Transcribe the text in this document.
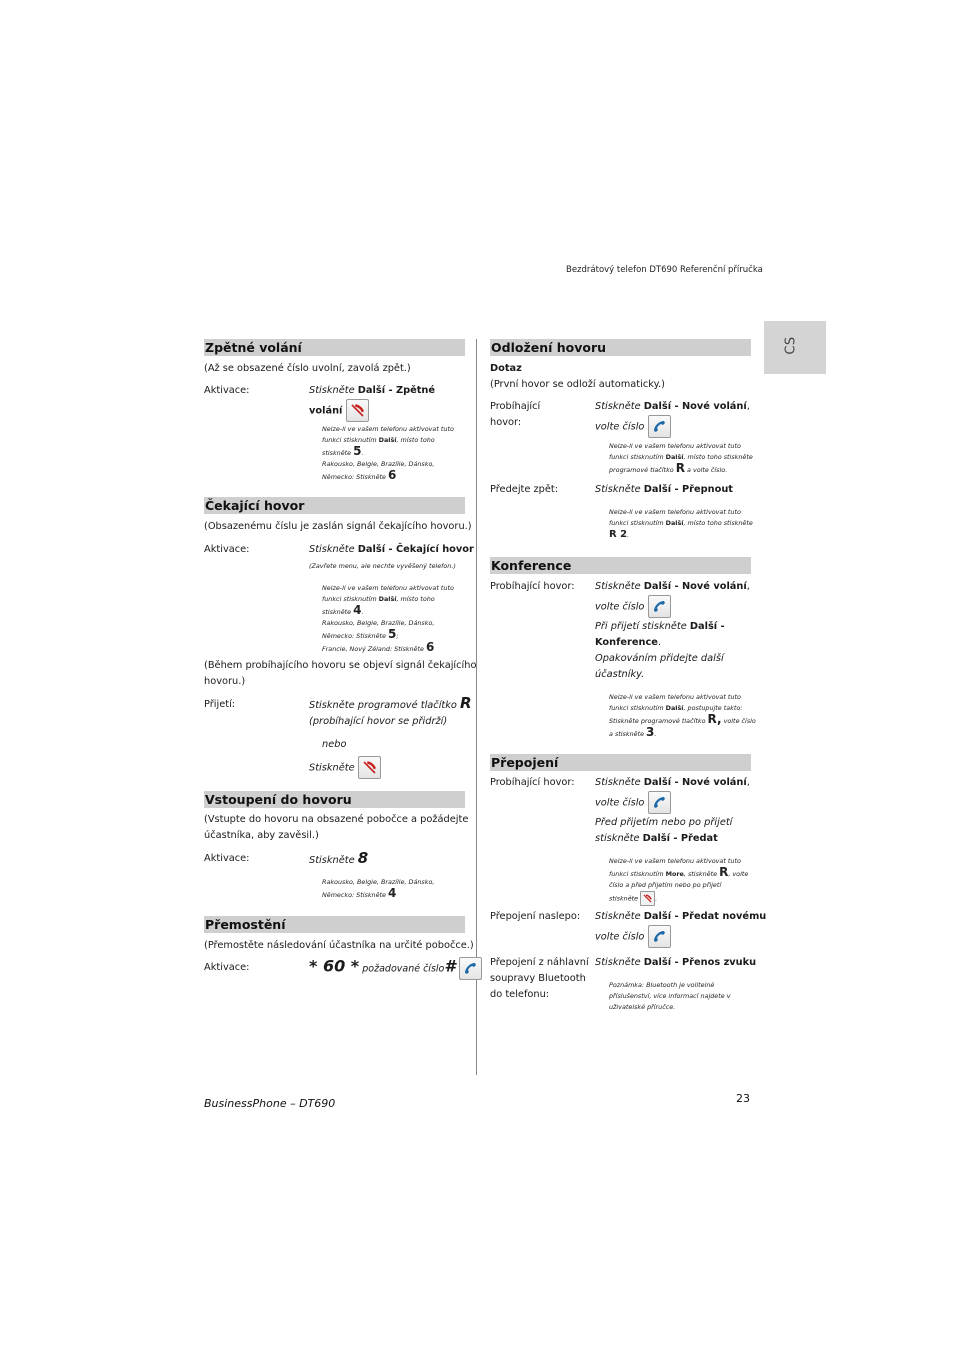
Bezdrátový telefon DT690 Referenční příručka
CS
Zpětné volání
(Až se obsazené číslo uvolní, zavolá zpět.)
Aktivace:	Stiskněte Další - Zpětné
volání
Nelze-li ve vašem telefonu aktivovat tuto
funkci stisknutím Další, místo toho
stiskněte 5.
Rakousko, Belgie, Brazílie, Dánsko,
Německo: Stiskněte 6
Čekající hovor
(Obsazenému číslu je zaslán signál čekajícího hovoru.)
Aktivace:	Stiskněte Další - Čekající hovor
(Zavřete menu, ale nechte vyvěšený telefon.)
Nelze-li ve vašem telefonu aktivovat tuto
funkci stisknutím Další, místo toho
stiskněte 4.
Rakousko, Belgie, Brazílie, Dánsko,
Německo: Stiskněte 5;
Francie, Nový Zéland: Stiskněte 6
(Během probíhajícího hovoru se objeví signál čekajícího
hovoru.)
Přijetí:	Stiskněte programové tlačítko R
(probíhající hovor se přidrží)
nebo
Stiskněte
Vstoupení do hovoru
(Vstupte do hovoru na obsazené pobočce a požádejte
účastníka, aby zavěsil.)
Aktivace:	Stiskněte 8
Rakousko, Belgie, Brazílie, Dánsko,
Německo: Stiskněte 4
Přemostění
(Přemostěte následování účastníka na určité pobočce.)
Aktivace:	* 60 * požadované číslo#
Odložení hovoru
Dotaz
(První hovor se odloží automaticky.)
Probíhající
hovor:
Stiskněte Další - Nové volání,
volte číslo
Nelze-li ve vašem telefonu aktivovat tuto
funkci stisknutím Další, místo toho stiskněte
programové tlačítko R a volte číslo.
Předejte zpět:	Stiskněte Další - Přepnout
Nelze-li ve vašem telefonu aktivovat tuto
funkci stisknutím Další, místo toho stiskněte
R 2.
Konference
Probíhající hovor: Stiskněte Další - Nové volání,
volte číslo
Při přijetí stiskněte Další -
Konference.
Opakováním přidejte další
účastníky.
Nelze-li ve vašem telefonu aktivovat tuto
funkci stisknutím Další, postupujte takto:
Stiskněte programové tlačítko R, volte číslo
a stiskněte 3.
Přepojení
Probíhající hovor: Stiskněte Další - Nové volání,
volte číslo
Před přijetím nebo po přijetí
stiskněte Další - Předat
Nelze-li ve vašem telefonu aktivovat tuto
funkci stisknutím More, stiskněte R, volte
číslo a před přijetím nebo po přijetí
stiskněte	.
Přepojení naslepo: Stiskněte Další - Předat novému
volte číslo
Přepojení z náhlavní
soupravy Bluetooth
do telefonu:
Stiskněte Další - Přenos zvuku
Poznámka: Bluetooth je volitelné
příslušenství, více informací najdete v
uživatelské příručce.
BusinessPhone – DT690	23
